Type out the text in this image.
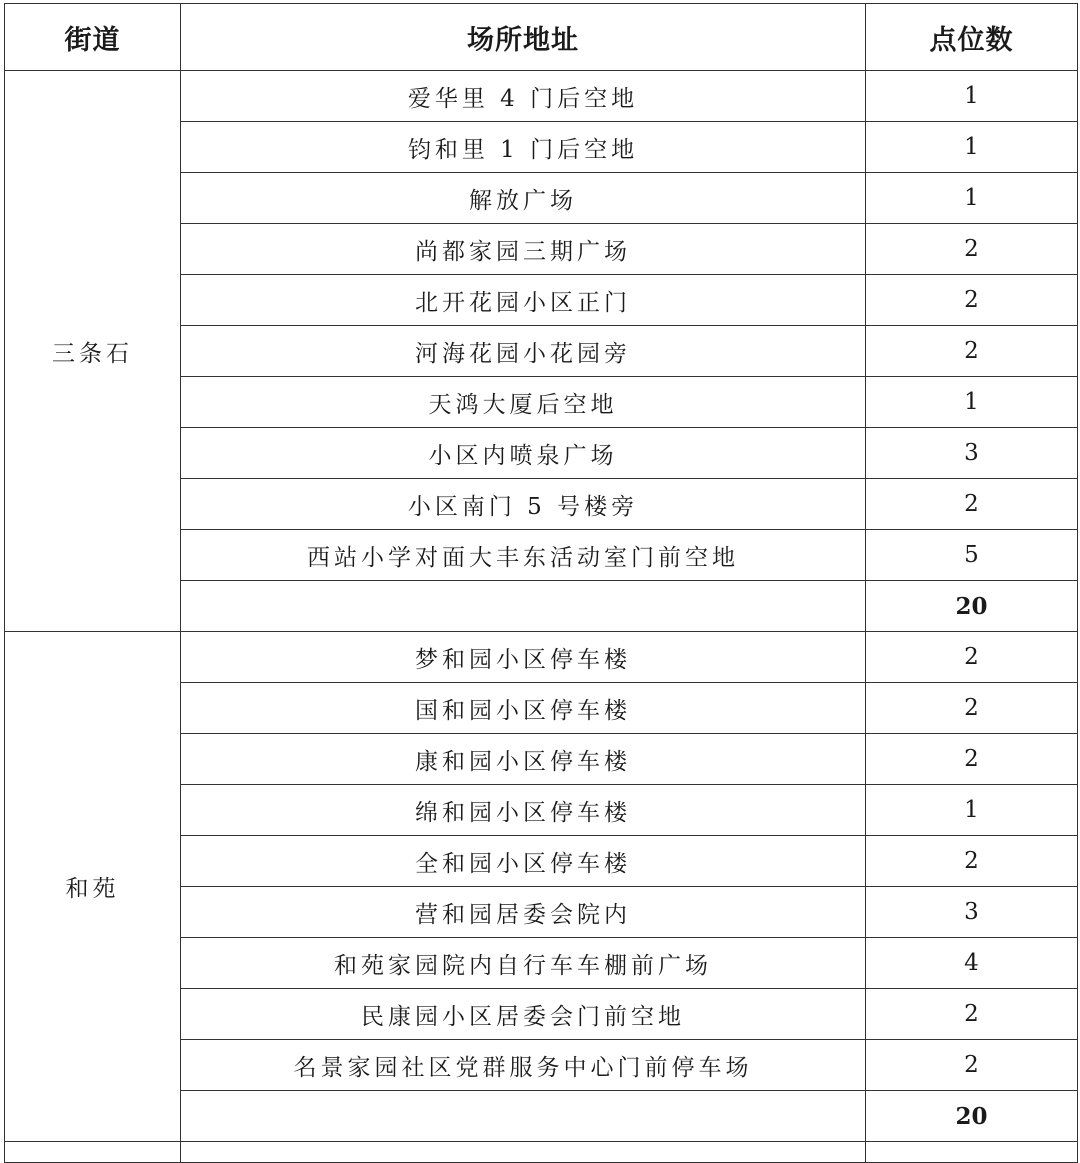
街道	场所地址	点位数
三条石	爱华里 4 门后空地	1
	钧和里 1 门后空地	1
	解放广场	1
	尚都家园三期广场	2
	北开花园小区正门	2
	河海花园小花园旁	2
	天鸿大厦后空地	1
	小区内喷泉广场	3
	小区南门 5 号楼旁	2
	西站小学对面大丰东活动室门前空地	5
		20
和苑	梦和园小区停车楼	2
	国和园小区停车楼	2
	康和园小区停车楼	2
	绵和园小区停车楼	1
	全和园小区停车楼	2
	营和园居委会院内	3
	和苑家园院内自行车车棚前广场	4
	民康园小区居委会门前空地	2
	名景家园社区党群服务中心门前停车场	2
		20
